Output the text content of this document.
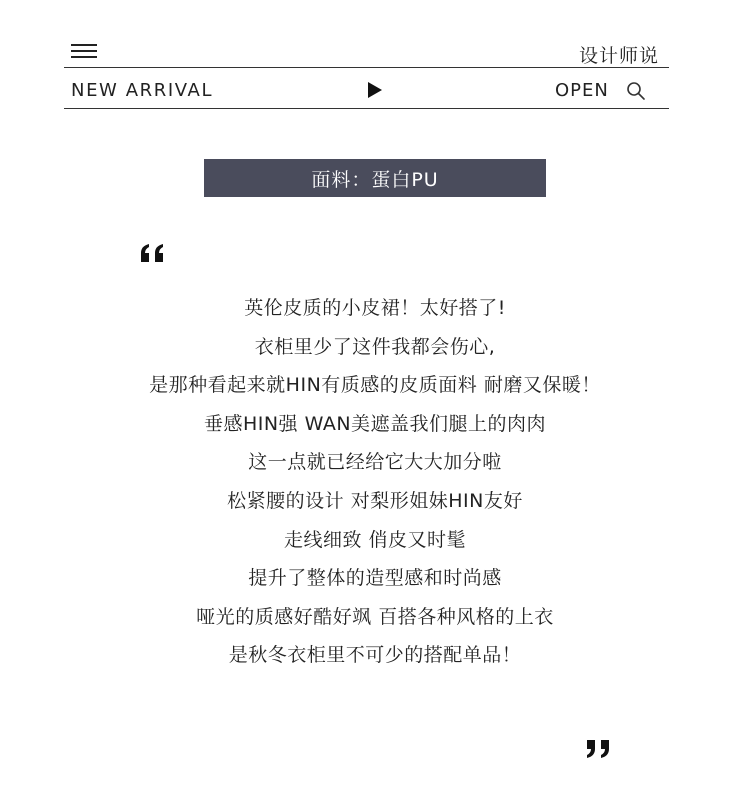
设计师说
NEW ARRIVAL	OPEN
面料：蛋白PU
英伦皮质的小皮裙！太好搭了!
衣柜里少了这件我都会伤心,
是那种看起来就HIN有质感的皮质面料 耐磨又保暖！
垂感HIN强 WAN美遮盖我们腿上的肉肉
这一点就已经给它大大加分啦
松紧腰的设计 对梨形姐妹HIN友好
走线细致 俏皮又时髦
提升了整体的造型感和时尚感
哑光的质感好酷好飒 百搭各种风格的上衣
是秋冬衣柜里不可少的搭配单品！
